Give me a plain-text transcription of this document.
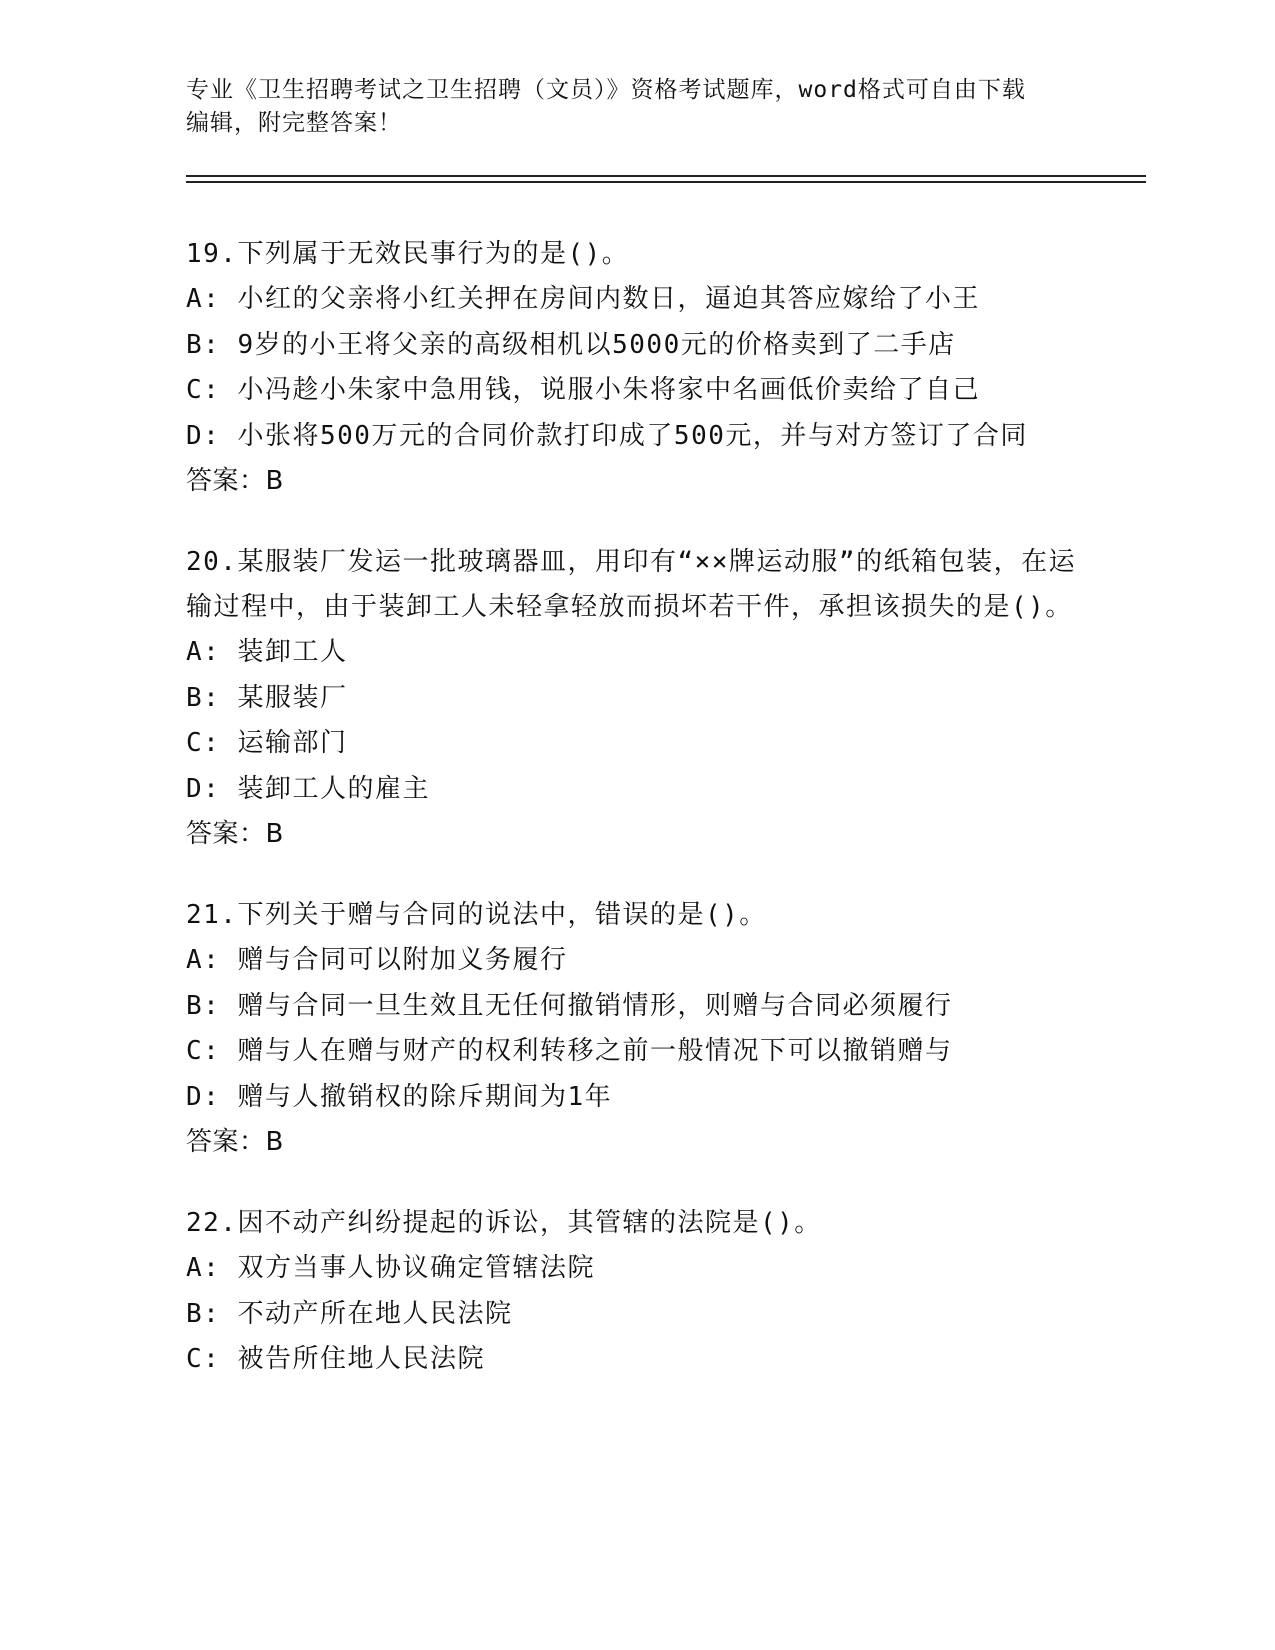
专业《卫生招聘考试之卫生招聘（文员）》资格考试题库，word格式可自由下载
编辑，附完整答案！
19.下列属于无效民事行为的是()。
A: 小红的父亲将小红关押在房间内数日，逼迫其答应嫁给了小王
B: 9岁的小王将父亲的高级相机以5000元的价格卖到了二手店
C: 小冯趁小朱家中急用钱，说服小朱将家中名画低价卖给了自己
D: 小张将500万元的合同价款打印成了500元，并与对方签订了合同
答案：B
20.某服装厂发运一批玻璃器皿，用印有“××牌运动服”的纸箱包装，在运输过程中，由于装卸工人未轻拿轻放而损坏若干件，承担该损失的是()。
A: 装卸工人
B: 某服装厂
C: 运输部门
D: 装卸工人的雇主
答案：B
21.下列关于赠与合同的说法中，错误的是()。
A: 赠与合同可以附加义务履行
B: 赠与合同一旦生效且无任何撤销情形，则赠与合同必须履行
C: 赠与人在赠与财产的权利转移之前一般情况下可以撤销赠与
D: 赠与人撤销权的除斥期间为1年
答案：B
22.因不动产纠纷提起的诉讼，其管辖的法院是()。
A: 双方当事人协议确定管辖法院
B: 不动产所在地人民法院
C: 被告所住地人民法院
